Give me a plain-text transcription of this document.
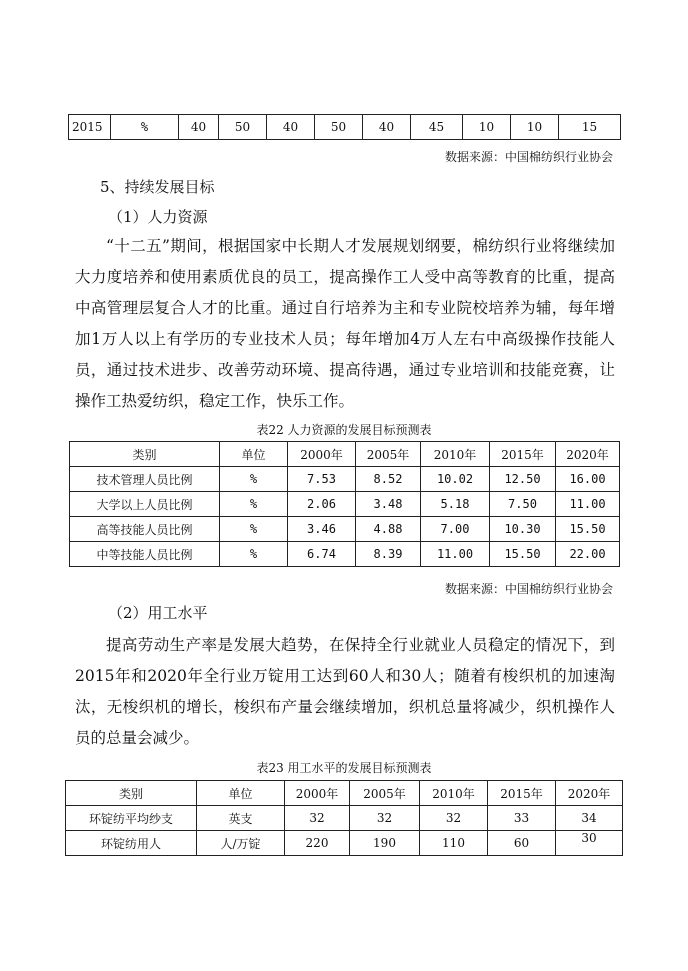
2015	%	40	50	40	50	40	45	10	10	15
数据来源：中国棉纺织行业协会
5、持续发展目标
（1）人力资源
“十二五”期间，根据国家中长期人才发展规划纲要，棉纺织行业将继续加大力度培养和使用素质优良的员工，提高操作工人受中高等教育的比重，提高中高管理层复合人才的比重。通过自行培养为主和专业院校培养为辅，每年增加1万人以上有学历的专业技术人员；每年增加4万人左右中高级操作技能人员，通过技术进步、改善劳动环境、提高待遇，通过专业培训和技能竞赛，让操作工热爱纺织，稳定工作，快乐工作。
表22 人力资源的发展目标预测表
类别	单位	2000年	2005年	2010年	2015年	2020年
技术管理人员比例	%	7.53	8.52	10.02	12.50	16.00
大学以上人员比例	%	2.06	3.48	5.18	7.50	11.00
高等技能人员比例	%	3.46	4.88	7.00	10.30	15.50
中等技能人员比例	%	6.74	8.39	11.00	15.50	22.00
数据来源：中国棉纺织行业协会
（2）用工水平
提高劳动生产率是发展大趋势，在保持全行业就业人员稳定的情况下，到2015年和2020年全行业万锭用工达到60人和30人；随着有梭织机的加速淘汰，无梭织机的增长，梭织布产量会继续增加，织机总量将减少，织机操作人员的总量会减少。
表23 用工水平的发展目标预测表
类别	单位	2000年	2005年	2010年	2015年	2020年
环锭纺平均纱支	英支	32	32	32	33	34
环锭纺用人	人/万锭	220	190	110	60	30
